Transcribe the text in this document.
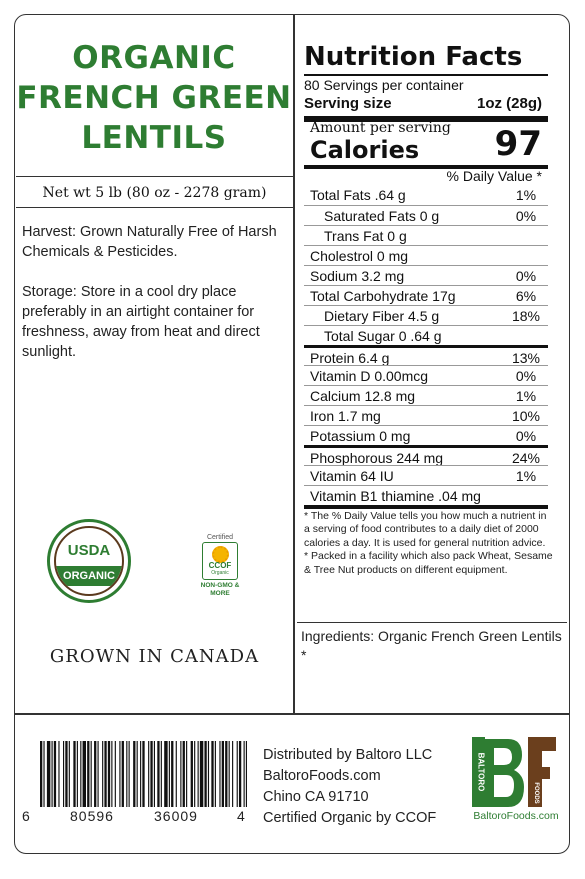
ORGANIC
FRENCH GREEN
LENTILS
Net wt 5 lb (80 oz - 2278 gram)
Harvest: Grown Naturally Free of Harsh Chemicals & Pesticides.
Storage: Store in a cool dry place preferably in an airtight container for freshness, away from heat and direct sunlight.
USDA
ORGANIC
Certified
CCOF
Organic
NON-GMO & MORE
GROWN IN CANADA
Nutrition Facts
80 Servings per container
Serving size	1oz (28g)
Amount per serving
Calories 97
% Daily Value *
Total Fats .64 g	1%
Saturated Fats 0 g	0%
Trans Fat 0 g
Cholestrol 0 mg
Sodium 3.2 mg	0%
Total Carbohydrate 17g	6%
Dietary Fiber 4.5 g	18%
Total Sugar 0 .64 g
Protein 6.4 g	13%
Vitamin D 0.00mcg	0%
Calcium 12.8 mg	1%
Iron 1.7 mg	10%
Potassium 0 mg	0%
Phosphorous 244 mg	24%
Vitamin 64 IU	1%
Vitamin B1 thiamine .04 mg
* The % Daily Value tells you how much a nutrient in a serving of food contributes to a daily diet of 2000 calories a day. It is used for general nutrition advice.
* Packed in a facility which also pack Wheat, Sesame & Tree Nut products on different equipment.
Ingredients: Organic French Green Lentils *
6	80596	36009	4
Distributed by Baltoro LLC
BaltoroFoods.com
Chino CA 91710
Certified Organic by CCOF
BALTORO
FOODS
BaltoroFoods.com
